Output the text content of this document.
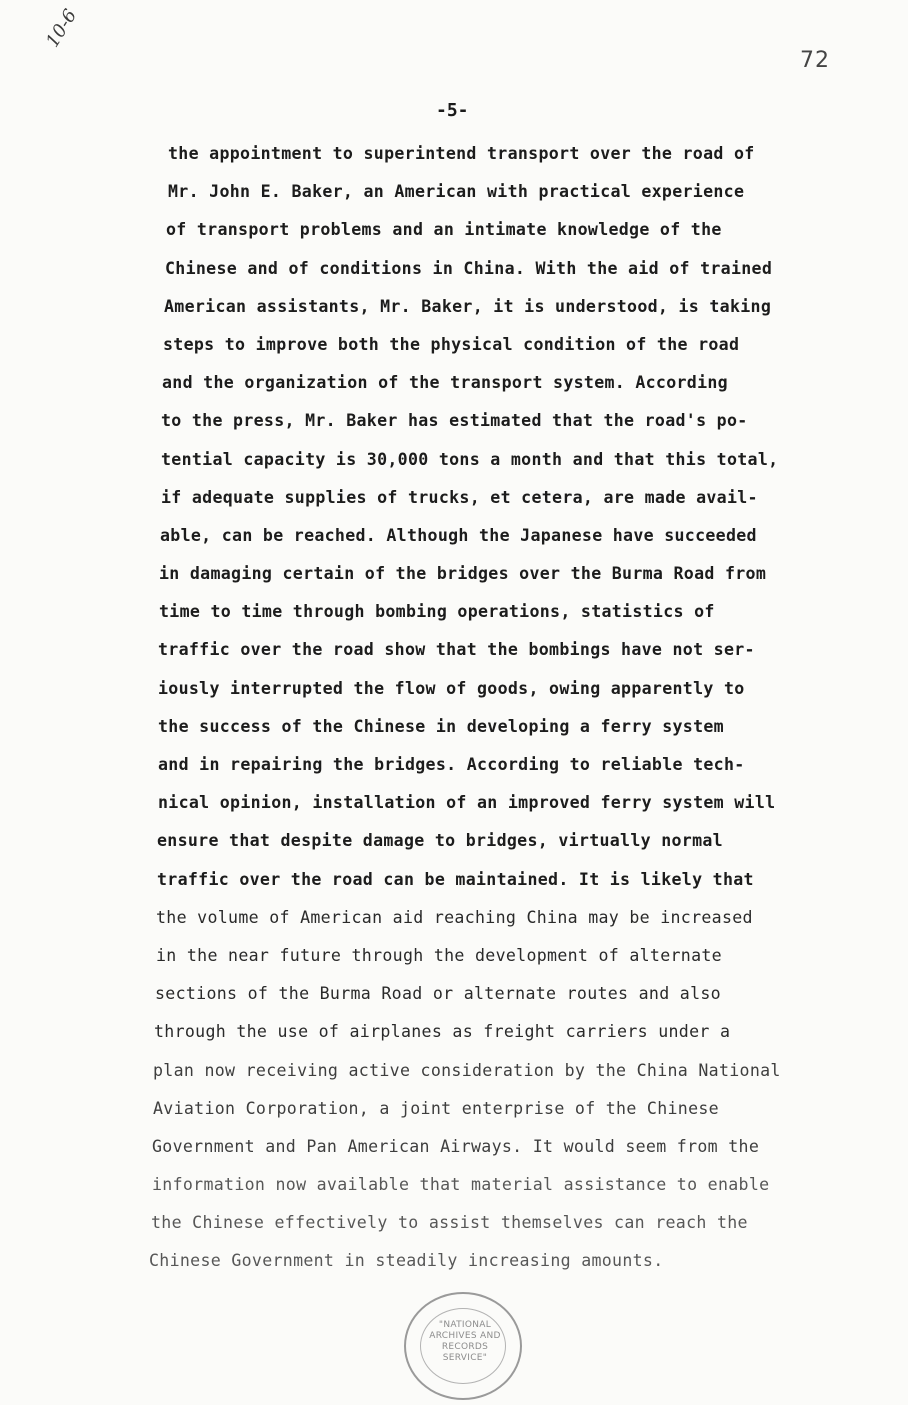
10-6
72
-5-
the appointment to superintend transport over the road of
Mr. John E. Baker, an American with practical experience
of transport problems and an intimate knowledge of the
Chinese and of conditions in China. With the aid of trained
American assistants, Mr. Baker, it is understood, is taking
steps to improve both the physical condition of the road
and the organization of the transport system. According
to the press, Mr. Baker has estimated that the road's po-
tential capacity is 30,000 tons a month and that this total,
if adequate supplies of trucks, et cetera, are made avail-
able, can be reached. Although the Japanese have succeeded
in damaging certain of the bridges over the Burma Road from
time to time through bombing operations, statistics of
traffic over the road show that the bombings have not ser-
iously interrupted the flow of goods, owing apparently to
the success of the Chinese in developing a ferry system
and in repairing the bridges. According to reliable tech-
nical opinion, installation of an improved ferry system will
ensure that despite damage to bridges, virtually normal
traffic over the road can be maintained. It is likely that
the volume of American aid reaching China may be increased
in the near future through the development of alternate
sections of the Burma Road or alternate routes and also
through the use of airplanes as freight carriers under a
plan now receiving active consideration by the China National
Aviation Corporation, a joint enterprise of the Chinese
Government and Pan American Airways. It would seem from the
information now available that material assistance to enable
the Chinese effectively to assist themselves can reach the
Chinese Government in steadily increasing amounts.
"NATIONAL
ARCHIVES AND
RECORDS
SERVICE"
